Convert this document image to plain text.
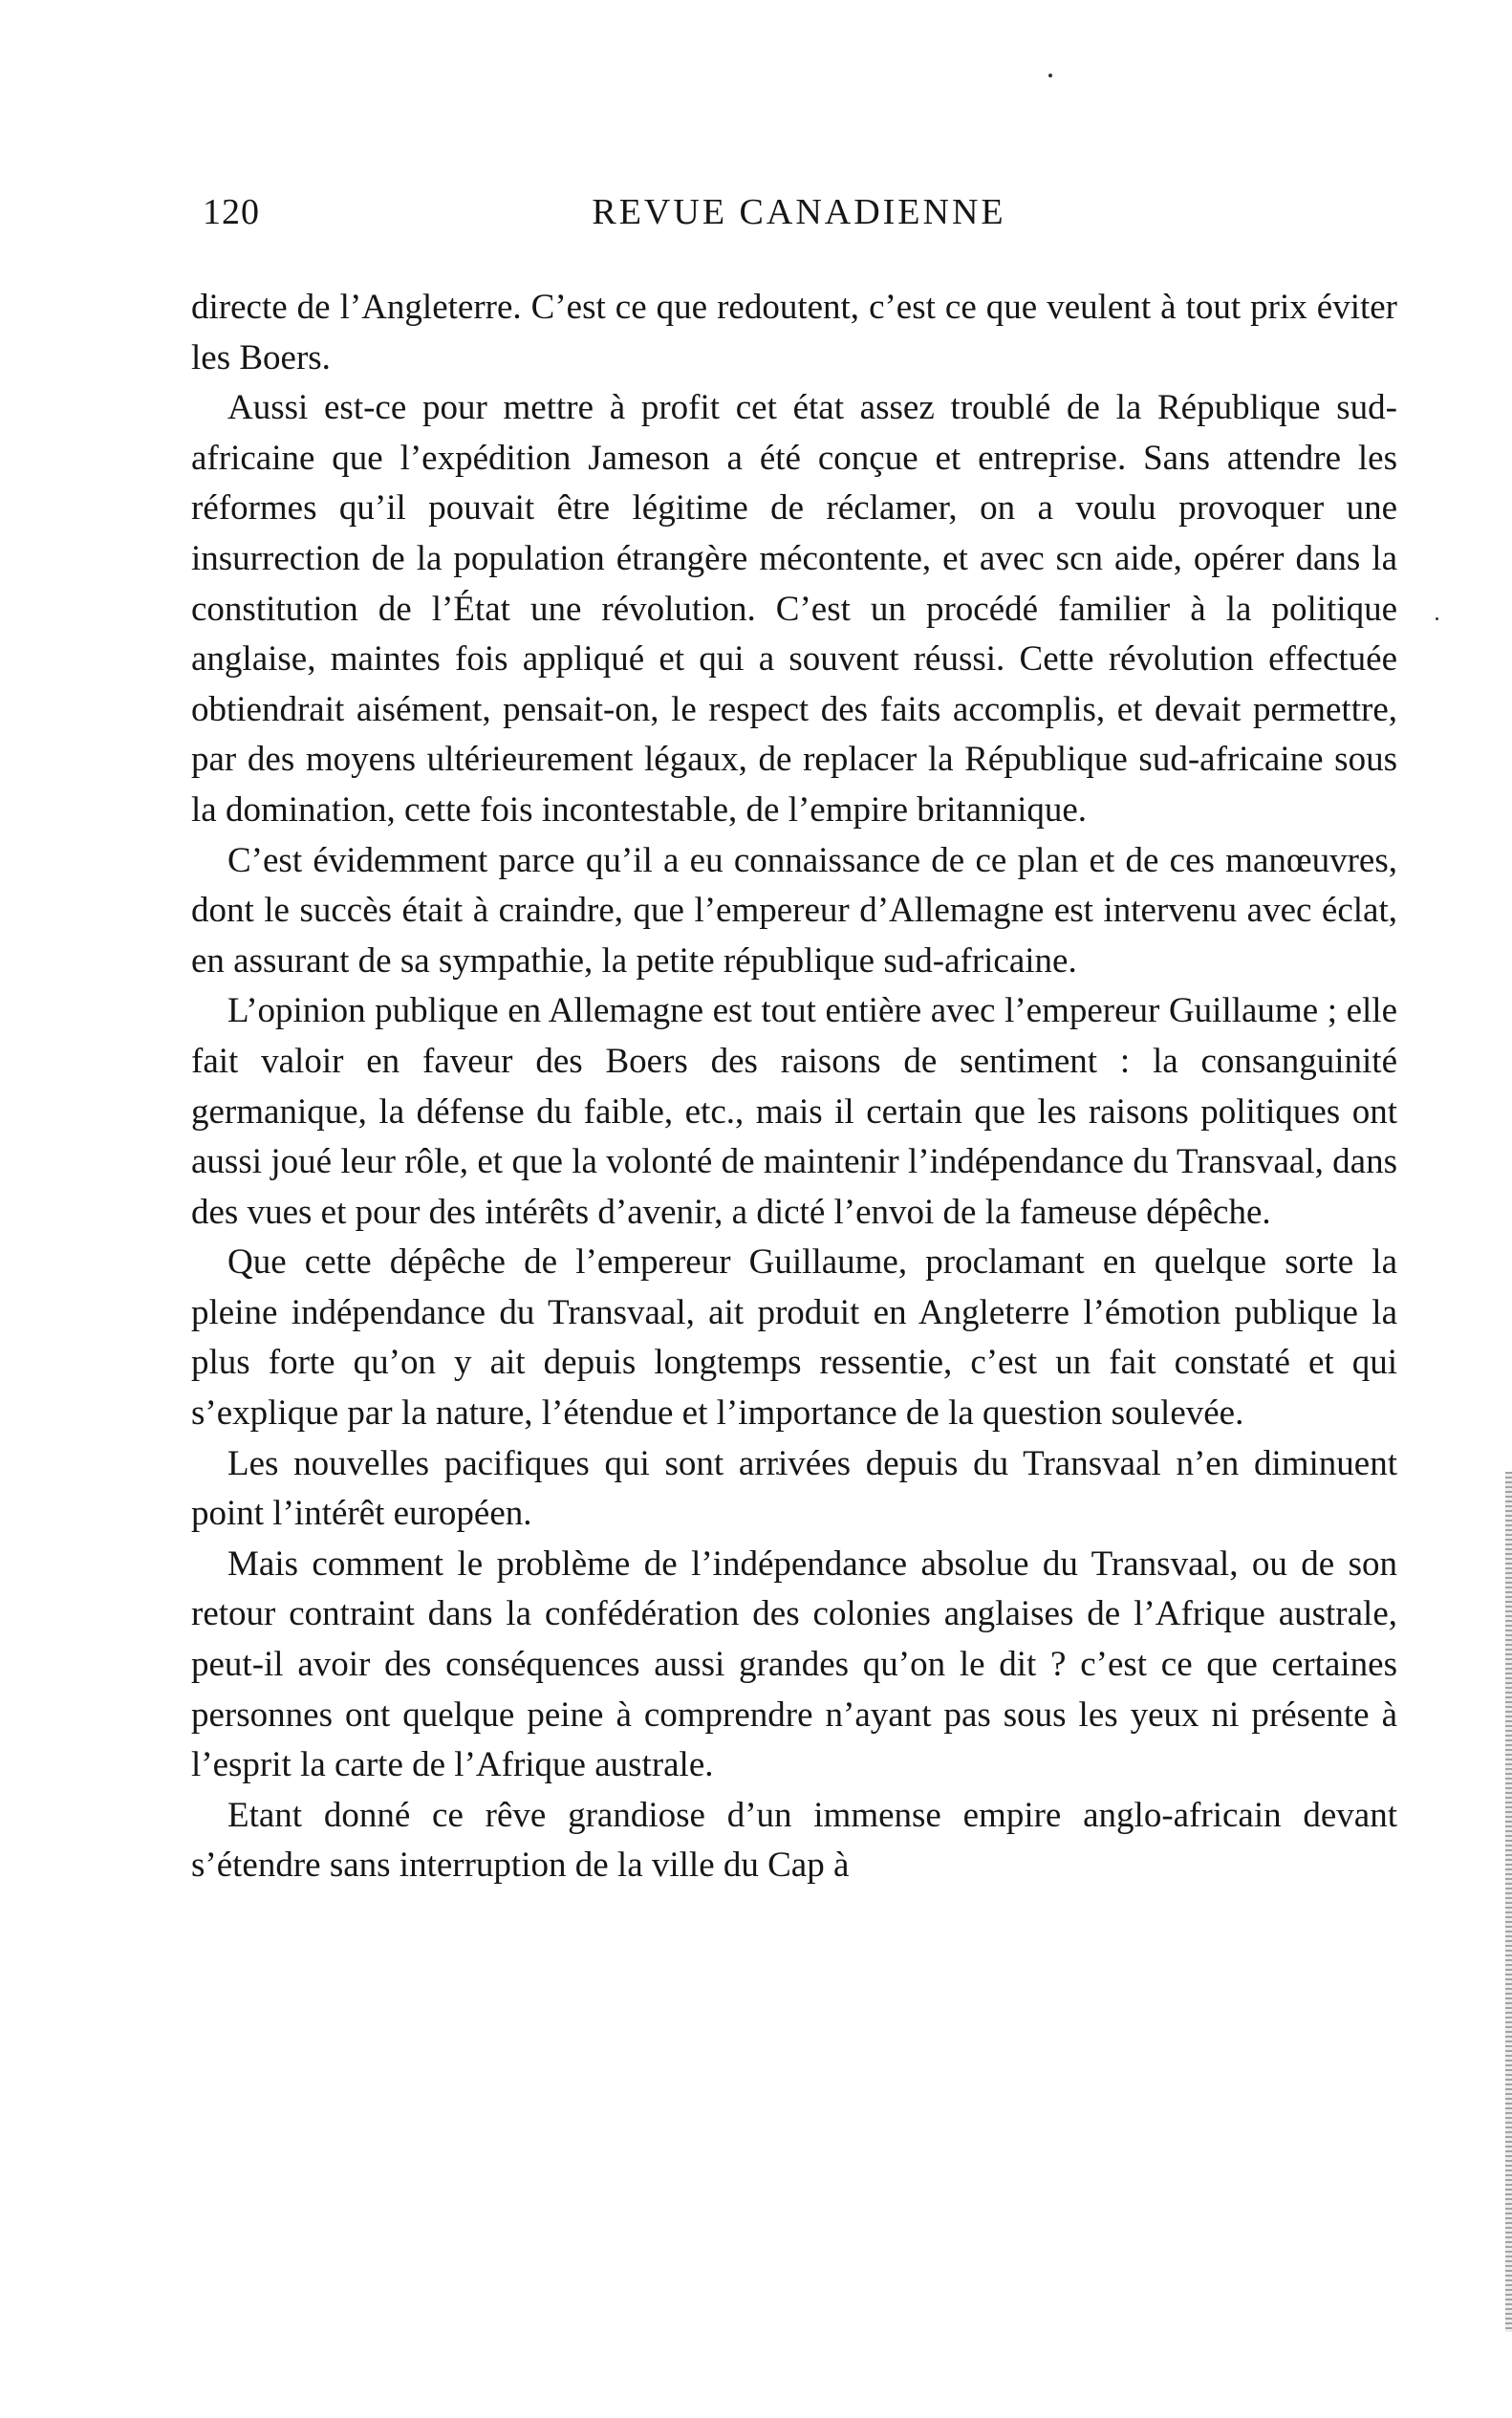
120	REVUE CANADIENNE

directe de l’Angleterre. C’est ce que redoutent, c’est ce que veulent à tout prix éviter les Boers.

Aussi est-ce pour mettre à profit cet état assez troublé de la République sud-africaine que l’expédition Jameson a été conçue et entreprise. Sans attendre les réformes qu’il pouvait être légitime de réclamer, on a voulu provoquer une insurrection de la population étrangère mécontente, et avec scn aide, opérer dans la constitution de l’État une révolution. C’est un procédé familier à la politique anglaise, maintes fois appliqué et qui a souvent réussi. Cette révolution effectuée obtiendrait aisément, pensait-on, le respect des faits accomplis, et devait permettre, par des moyens ultérieurement légaux, de replacer la République sud-africaine sous la domination, cette fois incontestable, de l’empire britannique.

C’est évidemment parce qu’il a eu connaissance de ce plan et de ces manœuvres, dont le succès était à craindre, que l’empereur d’Allemagne est intervenu avec éclat, en assurant de sa sympathie, la petite république sud-africaine.

L’opinion publique en Allemagne est tout entière avec l’empereur Guillaume ; elle fait valoir en faveur des Boers des raisons de sentiment : la consanguinité germanique, la défense du faible, etc., mais il certain que les raisons politiques ont aussi joué leur rôle, et que la volonté de maintenir l’indépendance du Transvaal, dans des vues et pour des intérêts d’avenir, a dicté l’envoi de la fameuse dépêche.

Que cette dépêche de l’empereur Guillaume, proclamant en quelque sorte la pleine indépendance du Transvaal, ait produit en Angleterre l’émotion publique la plus forte qu’on y ait depuis longtemps ressentie, c’est un fait constaté et qui s’explique par la nature, l’étendue et l’importance de la question soulevée.

Les nouvelles pacifiques qui sont arrivées depuis du Transvaal n’en diminuent point l’intérêt européen.

Mais comment le problème de l’indépendance absolue du Transvaal, ou de son retour contraint dans la confédération des colonies anglaises de l’Afrique australe, peut-il avoir des conséquences aussi grandes qu’on le dit ? c’est ce que certaines personnes ont quelque peine à comprendre n’ayant pas sous les yeux ni présente à l’esprit la carte de l’Afrique australe.

Etant donné ce rêve grandiose d’un immense empire anglo-africain devant s’étendre sans interruption de la ville du Cap à
